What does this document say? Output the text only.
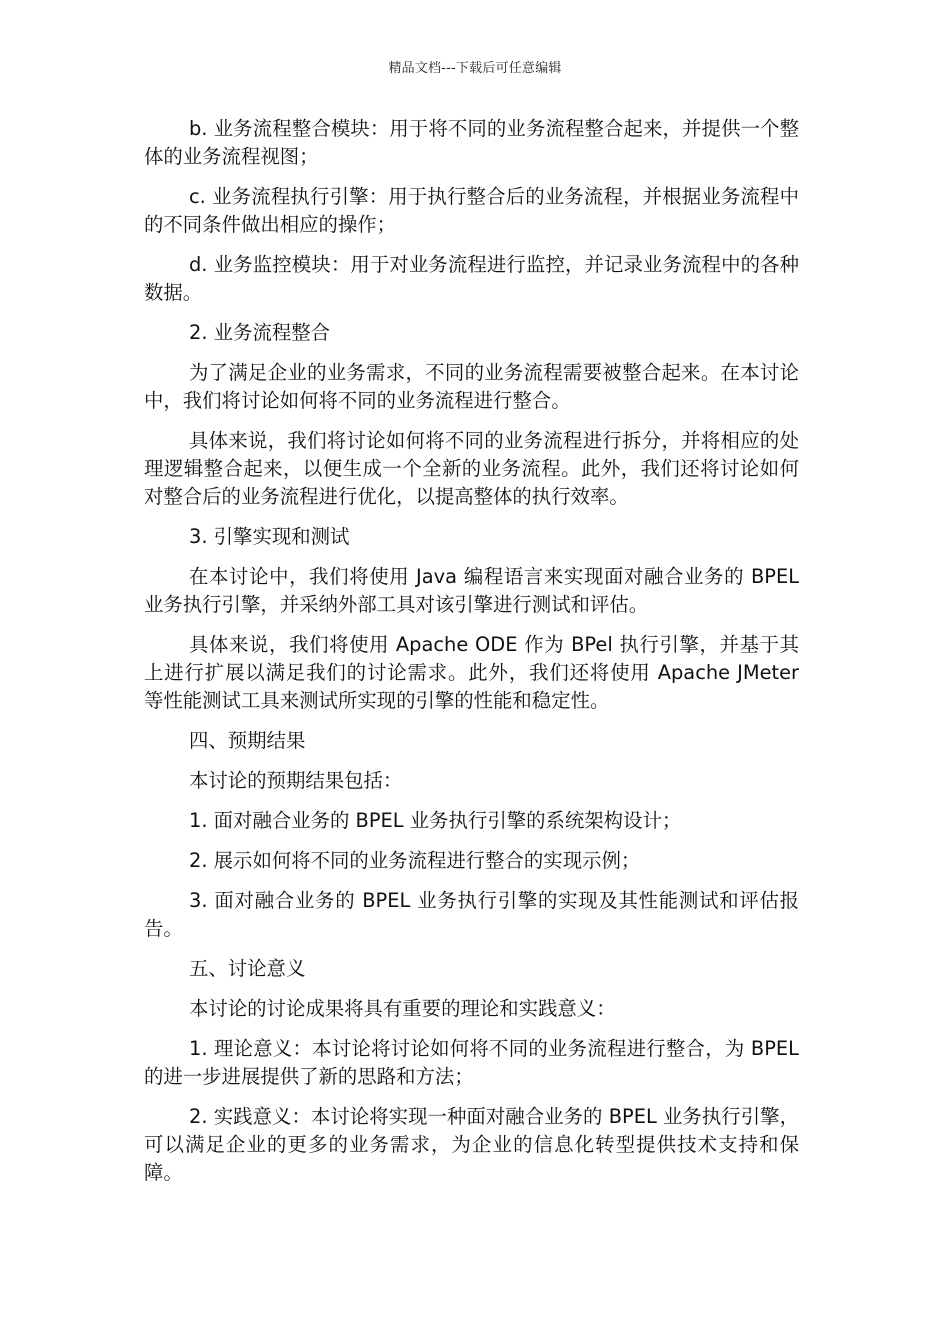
精品文档---下载后可任意编辑

b. 业务流程整合模块：用于将不同的业务流程整合起来，并提供一个整体的业务流程视图；

c. 业务流程执行引擎：用于执行整合后的业务流程，并根据业务流程中的不同条件做出相应的操作；

d. 业务监控模块：用于对业务流程进行监控，并记录业务流程中的各种数据。

2. 业务流程整合

为了满足企业的业务需求，不同的业务流程需要被整合起来。在本讨论中，我们将讨论如何将不同的业务流程进行整合。

具体来说，我们将讨论如何将不同的业务流程进行拆分，并将相应的处理逻辑整合起来，以便生成一个全新的业务流程。此外，我们还将讨论如何对整合后的业务流程进行优化，以提高整体的执行效率。

3. 引擎实现和测试

在本讨论中，我们将使用 Java 编程语言来实现面对融合业务的 BPEL 业务执行引擎，并采纳外部工具对该引擎进行测试和评估。

具体来说，我们将使用 Apache ODE 作为 BPel 执行引擎，并基于其上进行扩展以满足我们的讨论需求。此外，我们还将使用 Apache JMeter 等性能测试工具来测试所实现的引擎的性能和稳定性。

四、预期结果

本讨论的预期结果包括：

1. 面对融合业务的 BPEL 业务执行引擎的系统架构设计；

2. 展示如何将不同的业务流程进行整合的实现示例；

3. 面对融合业务的 BPEL 业务执行引擎的实现及其性能测试和评估报告。

五、讨论意义

本讨论的讨论成果将具有重要的理论和实践意义：

1. 理论意义：本讨论将讨论如何将不同的业务流程进行整合，为 BPEL 的进一步进展提供了新的思路和方法；

2. 实践意义：本讨论将实现一种面对融合业务的 BPEL 业务执行引擎，可以满足企业的更多的业务需求，为企业的信息化转型提供技术支持和保障。
